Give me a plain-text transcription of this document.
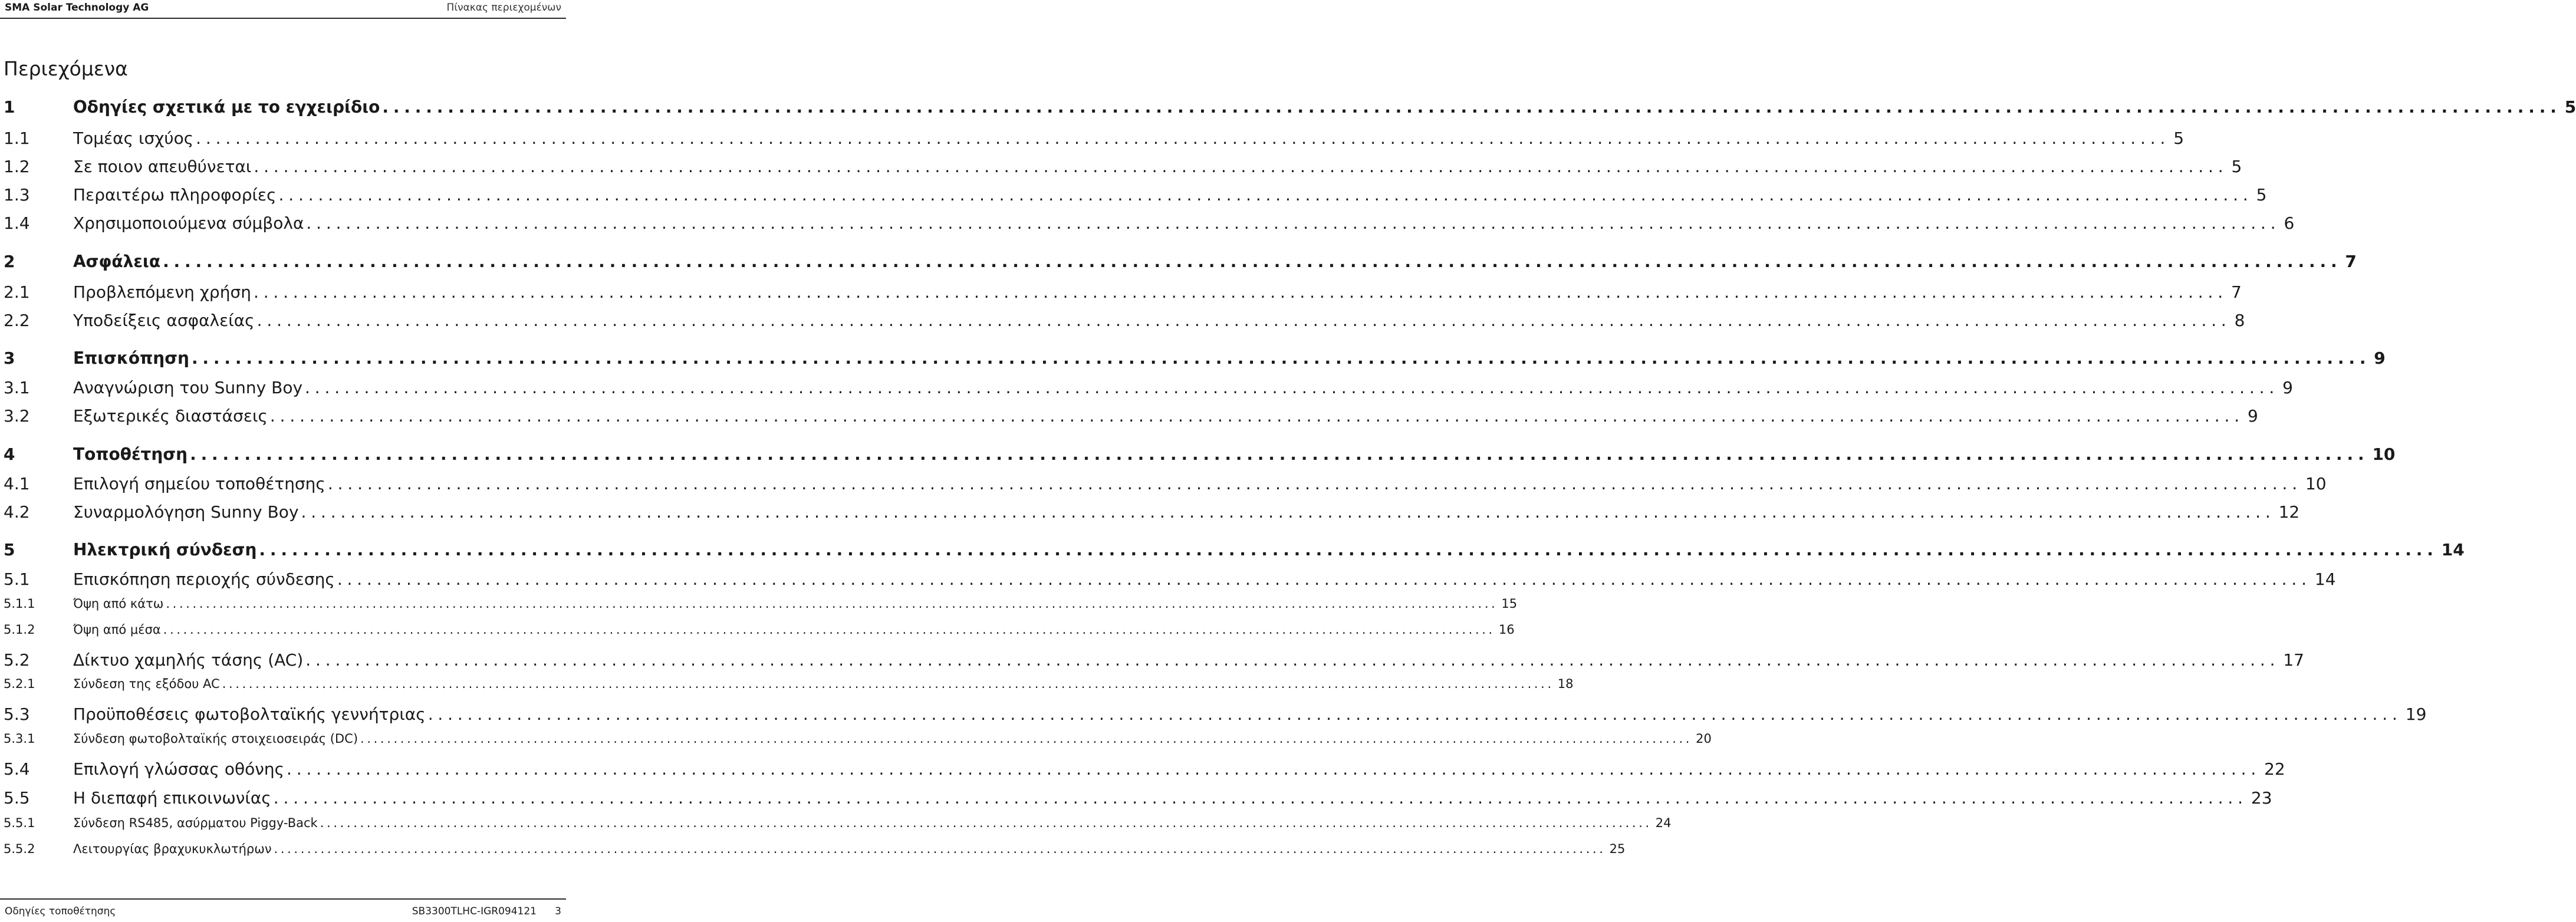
SMA Solar Technology AG	Πίνακας περιεχομένων
Περιεχόμενα
1	Οδηγίες σχετικά με το εγχειρίδιο ........................................................................................................................................................................................................ 5
1.1	Τομέας ισχύος ........................................................................................................................................................................................................ 5
1.2	Σε ποιον απευθύνεται ........................................................................................................................................................................................................ 5
1.3	Περαιτέρω πληροφορίες ........................................................................................................................................................................................................ 5
1.4	Χρησιμοποιούμενα σύμβολα ........................................................................................................................................................................................................ 6
2	Ασφάλεια ........................................................................................................................................................................................................ 7
2.1	Προβλεπόμενη χρήση ........................................................................................................................................................................................................ 7
2.2	Υποδείξεις ασφαλείας ........................................................................................................................................................................................................ 8
3	Επισκόπηση ........................................................................................................................................................................................................ 9
3.1	Αναγνώριση του Sunny Boy ........................................................................................................................................................................................................ 9
3.2	Εξωτερικές διαστάσεις ........................................................................................................................................................................................................ 9
4	Τοποθέτηση ........................................................................................................................................................................................................ 10
4.1	Επιλογή σημείου τοποθέτησης ........................................................................................................................................................................................................ 10
4.2	Συναρμολόγηση Sunny Boy ........................................................................................................................................................................................................ 12
5	Ηλεκτρική σύνδεση ........................................................................................................................................................................................................ 14
5.1	Επισκόπηση περιοχής σύνδεσης ........................................................................................................................................................................................................ 14
5.1.1	Όψη από κάτω ........................................................................................................................................................................................................ 15
5.1.2	Όψη από μέσα ........................................................................................................................................................................................................ 16
5.2	Δίκτυο χαμηλής τάσης (AC) ........................................................................................................................................................................................................ 17
5.2.1	Σύνδεση της εξόδου AC ........................................................................................................................................................................................................ 18
5.3	Προϋποθέσεις φωτοβολταϊκής γεννήτριας ........................................................................................................................................................................................................ 19
5.3.1	Σύνδεση φωτοβολταϊκής στοιχειοσειράς (DC) ........................................................................................................................................................................................................ 20
5.4	Επιλογή γλώσσας οθόνης ........................................................................................................................................................................................................ 22
5.5	Η διεπαφή επικοινωνίας ........................................................................................................................................................................................................ 23
5.5.1	Σύνδεση RS485, ασύρματου Piggy-Back ........................................................................................................................................................................................................ 24
5.5.2	Λειτουργίας βραχυκυκλωτήρων ........................................................................................................................................................................................................ 25
Οδηγίες τοποθέτησης	SB3300TLHC-IGR094121 3
